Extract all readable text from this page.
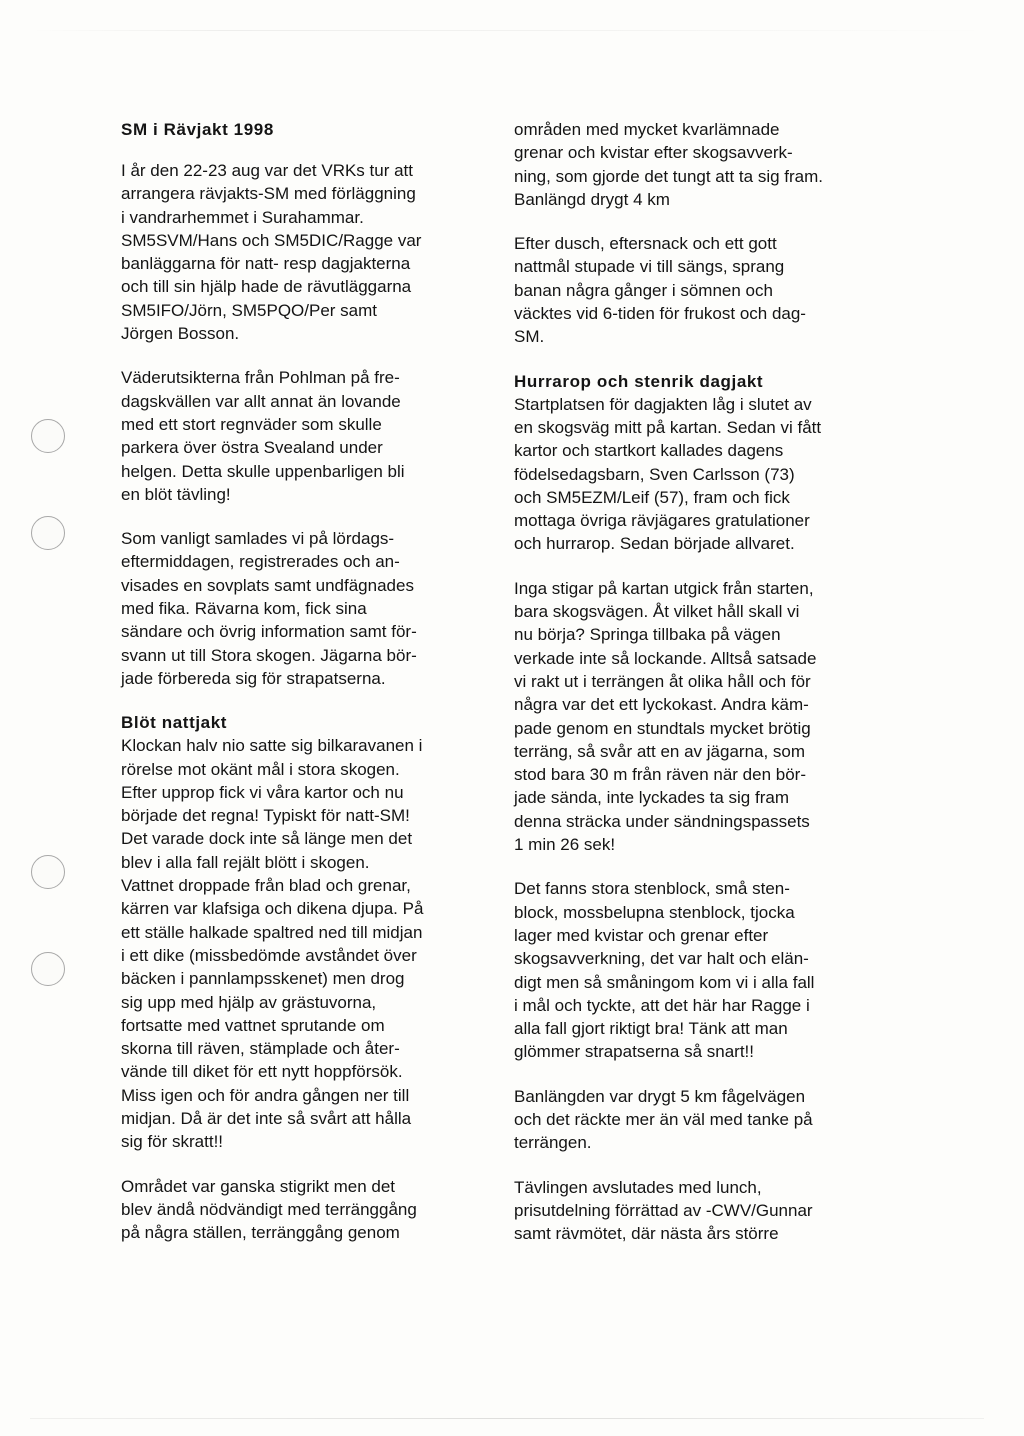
SM i Rävjakt 1998

I år den 22-23 aug var det VRKs tur att
arrangera rävjakts-SM med förläggning
i vandrarhemmet i Surahammar.
SM5SVM/Hans och SM5DIC/Ragge var
banläggarna för natt- resp dagjakterna
och till sin hjälp hade de rävutläggarna
SM5IFO/Jörn, SM5PQO/Per samt
Jörgen Bosson.

Väderutsikterna från Pohlman på fre-
dagskvällen var allt annat än lovande
med ett stort regnväder som skulle
parkera över östra Svealand under
helgen. Detta skulle uppenbarligen bli
en blöt tävling!

Som vanligt samlades vi på lördags-
eftermiddagen, registrerades och an-
visades en sovplats samt undfägnades
med fika. Rävarna kom, fick sina
sändare och övrig information samt för-
svann ut till Stora skogen. Jägarna bör-
jade förbereda sig för strapatserna.

Blöt nattjakt

Klockan halv nio satte sig bilkaravanen i
rörelse mot okänt mål i stora skogen.
Efter upprop fick vi våra kartor och nu
började det regna! Typiskt för natt-SM!
Det varade dock inte så länge men det
blev i alla fall rejält blött i skogen.
Vattnet droppade från blad och grenar,
kärren var klafsiga och dikena djupa. På
ett ställe halkade spaltred ned till midjan
i ett dike (missbedömde avståndet över
bäcken i pannlampsskenet) men drog
sig upp med hjälp av grästuvorna,
fortsatte med vattnet sprutande om
skorna till räven, stämplade och åter-
vände till diket för ett nytt hoppförsök.
Miss igen och för andra gången ner till
midjan. Då är det inte så svårt att hålla
sig för skratt!!

Området var ganska stigrikt men det
blev ändå nödvändigt med terränggång
på några ställen, terränggång genom

områden med mycket kvarlämnade
grenar och kvistar efter skogsavverk-
ning, som gjorde det tungt att ta sig fram.
Banlängd drygt 4 km

Efter dusch, eftersnack och ett gott
nattmål stupade vi till sängs, sprang
banan några gånger i sömnen och
väcktes vid 6-tiden för frukost och dag-
SM.

Hurrarop och stenrik dagjakt

Startplatsen för dagjakten låg i slutet av
en skogsväg mitt på kartan. Sedan vi fått
kartor och startkort kallades dagens
födelsedagsbarn, Sven Carlsson (73)
och SM5EZM/Leif (57), fram och fick
mottaga övriga rävjägares gratulationer
och hurrarop. Sedan började allvaret.

Inga stigar på kartan utgick från starten,
bara skogsvägen. Åt vilket håll skall vi
nu börja? Springa tillbaka på vägen
verkade inte så lockande. Alltså satsade
vi rakt ut i terrängen åt olika håll och för
några var det ett lyckokast. Andra käm-
pade genom en stundtals mycket brötig
terräng, så svår att en av jägarna, som
stod bara 30 m från räven när den bör-
jade sända, inte lyckades ta sig fram
denna sträcka under sändningspassets
1 min 26 sek!

Det fanns stora stenblock, små sten-
block, mossbelupna stenblock, tjocka
lager med kvistar och grenar efter
skogsavverkning, det var halt och elän-
digt men så småningom kom vi i alla fall
i mål och tyckte, att det här har Ragge i
alla fall gjort riktigt bra! Tänk att man
glömmer strapatserna så snart!!

Banlängden var drygt 5 km fågelvägen
och det räckte mer än väl med tanke på
terrängen.

Tävlingen avslutades med lunch,
prisutdelning förrättad av -CWV/Gunnar
samt rävmötet, där nästa års större
